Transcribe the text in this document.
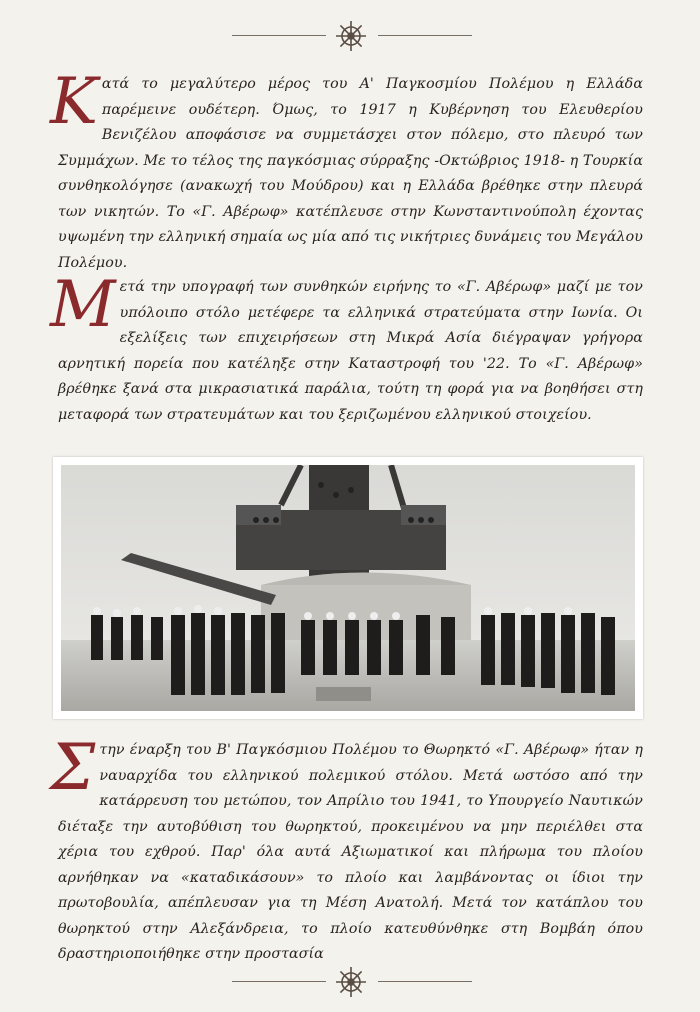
Κατά το μεγαλύτερο μέρος του Α' Παγκοσμίου Πολέμου η Ελλάδα παρέμεινε ουδέτερη. Όμως, το 1917 η Κυβέρνηση του Ελευθερίου Βενιζέλου αποφάσισε να συμμετάσχει στον πόλεμο, στο πλευρό των Συμμάχων. Με το τέλος της παγκόσμιας σύρραξης -Οκτώβριος 1918- η Τουρκία συνθηκολόγησε (ανακωχή του Μούδρου) και η Ελλάδα βρέθηκε στην πλευρά των νικητών. Το «Γ. Αβέρωφ» κατέπλευσε στην Κωνσταντινούπολη έχοντας υψωμένη την ελληνική σημαία ως μία από τις νικήτριες δυνάμεις του Μεγάλου Πολέμου.
Μετά την υπογραφή των συνθηκών ειρήνης το «Γ. Αβέρωφ» μαζί με τον υπόλοιπο στόλο μετέφερε τα ελληνικά στρατεύματα στην Ιωνία. Οι εξελίξεις των επιχειρήσεων στη Μικρά Ασία διέγραψαν γρήγορα αρνητική πορεία που κατέληξε στην Καταστροφή του '22. Το «Γ. Αβέρωφ» βρέθηκε ξανά στα μικρασιατικά παράλια, τούτη τη φορά για να βοηθήσει στη μεταφορά των στρατευμάτων και του ξεριζωμένου ελληνικού στοιχείου.
Στην έναρξη του Β' Παγκόσμιου Πολέμου το Θωρηκτό «Γ. Αβέρωφ» ήταν η ναυαρχίδα του ελληνικού πολεμικού στόλου. Μετά ωστόσο από την κατάρρευση του μετώπου, τον Απρίλιο του 1941, το Υπουργείο Ναυτικών διέταξε την αυτοβύθιση του θωρηκτού, προκειμένου να μην περιέλθει στα χέρια του εχθρού. Παρ' όλα αυτά Αξιωματικοί και πλήρωμα του πλοίου αρνήθηκαν να «καταδικάσουν» το πλοίο και λαμβάνοντας οι ίδιοι την πρωτοβουλία, απέπλευσαν για τη Μέση Ανατολή. Μετά τον κατάπλου του θωρηκτού στην Αλεξάνδρεια, το πλοίο κατευθύνθηκε στη Βομβάη όπου δραστηριοποιήθηκε στην προστασία
